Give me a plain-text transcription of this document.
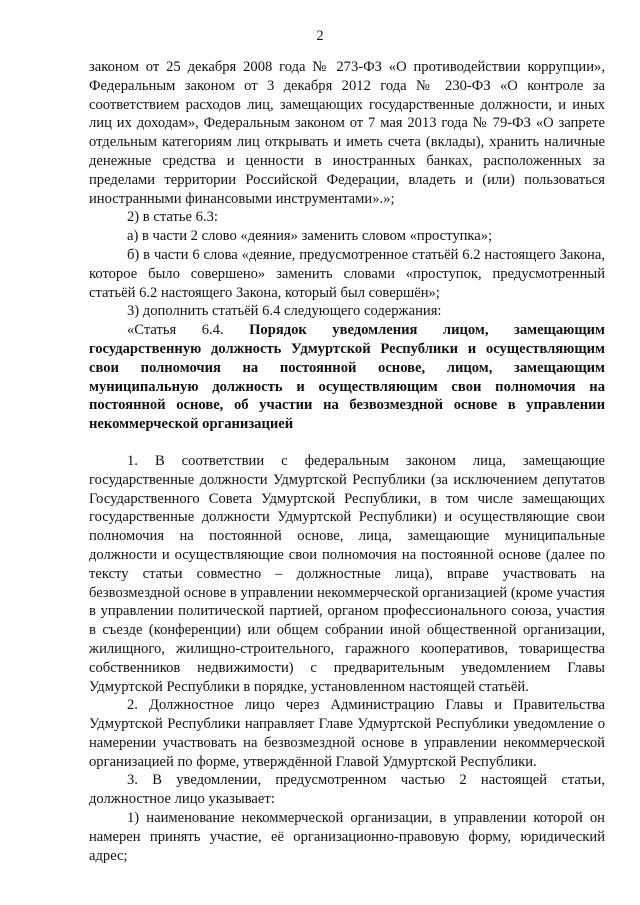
2

законом от 25 декабря 2008 года № 273-ФЗ «О противодействии коррупции», Федеральным законом от 3 декабря 2012 года № 230-ФЗ «О контроле за соответствием расходов лиц, замещающих государственные должности, и иных лиц их доходам», Федеральным законом от 7 мая 2013 года № 79-ФЗ «О запрете отдельным категориям лиц открывать и иметь счета (вклады), хранить наличные денежные средства и ценности в иностранных банках, расположенных за пределами территории Российской Федерации, владеть и (или) пользоваться иностранными финансовыми инструментами».»;

2) в статье 6.3:

а) в части 2 слово «деяния» заменить словом «проступка»;

б) в части 6 слова «деяние, предусмотренное статьёй 6.2 настоящего Закона, которое было совершено» заменить словами «проступок, предусмотренный статьёй 6.2 настоящего Закона, который был совершён»;

3) дополнить статьёй 6.4 следующего содержания:

«Статья 6.4. Порядок уведомления лицом, замещающим государственную должность Удмуртской Республики и осуществляющим свои полномочия на постоянной основе, лицом, замещающим муниципальную должность и осуществляющим свои полномочия на постоянной основе, об участии на безвозмездной основе в управлении некоммерческой организацией

1. В соответствии с федеральным законом лица, замещающие государственные должности Удмуртской Республики (за исключением депутатов Государственного Совета Удмуртской Республики, в том числе замещающих государственные должности Удмуртской Республики) и осуществляющие свои полномочия на постоянной основе, лица, замещающие муниципальные должности и осуществляющие свои полномочия на постоянной основе (далее по тексту статьи совместно – должностные лица), вправе участвовать на безвозмездной основе в управлении некоммерческой организацией (кроме участия в управлении политической партией, органом профессионального союза, участия в съезде (конференции) или общем собрании иной общественной организации, жилищного, жилищно-строительного, гаражного кооперативов, товарищества собственников недвижимости) с предварительным уведомлением Главы Удмуртской Республики в порядке, установленном настоящей статьёй.

2. Должностное лицо через Администрацию Главы и Правительства Удмуртской Республики направляет Главе Удмуртской Республики уведомление о намерении участвовать на безвозмездной основе в управлении некоммерческой организацией по форме, утверждённой Главой Удмуртской Республики.

3. В уведомлении, предусмотренном частью 2 настоящей статьи, должностное лицо указывает:

1) наименование некоммерческой организации, в управлении которой он намерен принять участие, её организационно-правовую форму, юридический адрес;
